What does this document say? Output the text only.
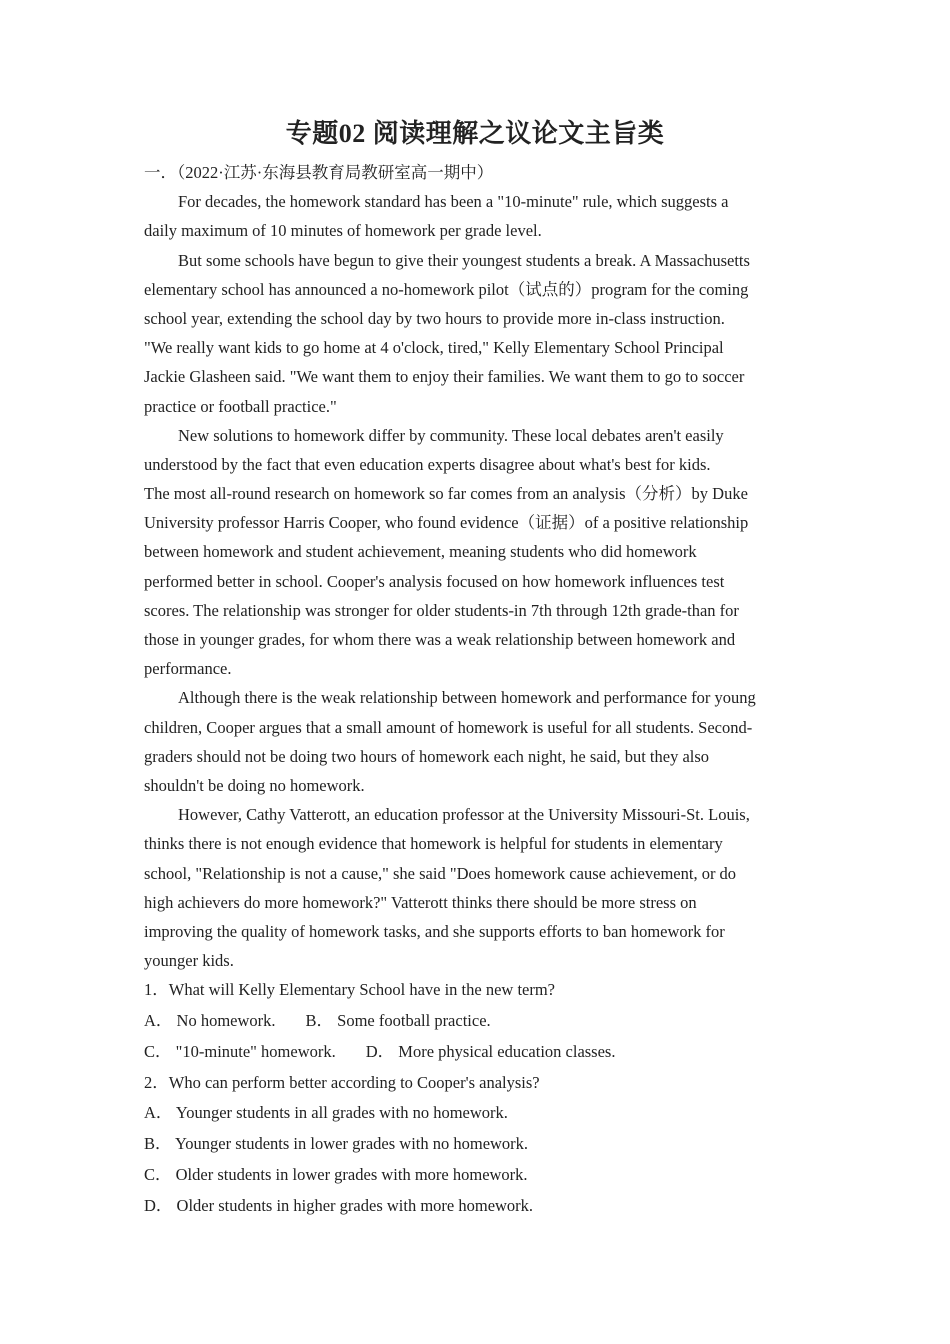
专题02 阅读理解之议论文主旨类
一．（2022·江苏·东海县教育局教研室高一期中）
For decades, the homework standard has been a "10-minute" rule, which suggests a
daily maximum of 10 minutes of homework per grade level.
But some schools have begun to give their youngest students a break. A Massachusetts
elementary school has announced a no-homework pilot（试点的）program for the coming
school year, extending the school day by two hours to provide more in-class instruction.
"We really want kids to go home at 4 o'clock, tired," Kelly Elementary School Principal
Jackie Glasheen said. "We want them to enjoy their families. We want them to go to soccer
practice or football practice."
New solutions to homework differ by community. These local debates aren't easily
understood by the fact that even education experts disagree about what's best for kids.
The most all-round research on homework so far comes from an analysis（分析）by Duke
University professor Harris Cooper, who found evidence（证据）of a positive relationship
between homework and student achievement, meaning students who did homework
performed better in school. Cooper's analysis focused on how homework influences test
scores. The relationship was stronger for older students-in 7th through 12th grade-than for
those in younger grades, for whom there was a weak relationship between homework and
performance.
Although there is the weak relationship between homework and performance for young
children, Cooper argues that a small amount of homework is useful for all students. Second-
graders should not be doing two hours of homework each night, he said, but they also
shouldn't be doing no homework.
However, Cathy Vatterott, an education professor at the University Missouri-St. Louis,
thinks there is not enough evidence that homework is helpful for students in elementary
school, "Relationship is not a cause," she said "Does homework cause achievement, or do
high achievers do more homework?" Vatterott thinks there should be more stress on
improving the quality of homework tasks, and she supports efforts to ban homework for
younger kids.
1．What will Kelly Elementary School have in the new term?
A． No homework. B． Some football practice.
C． "10-minute" homework. D． More physical education classes.
2．Who can perform better according to Cooper's analysis?
A． Younger students in all grades with no homework.
B． Younger students in lower grades with no homework.
C． Older students in lower grades with more homework.
D． Older students in higher grades with more homework.
